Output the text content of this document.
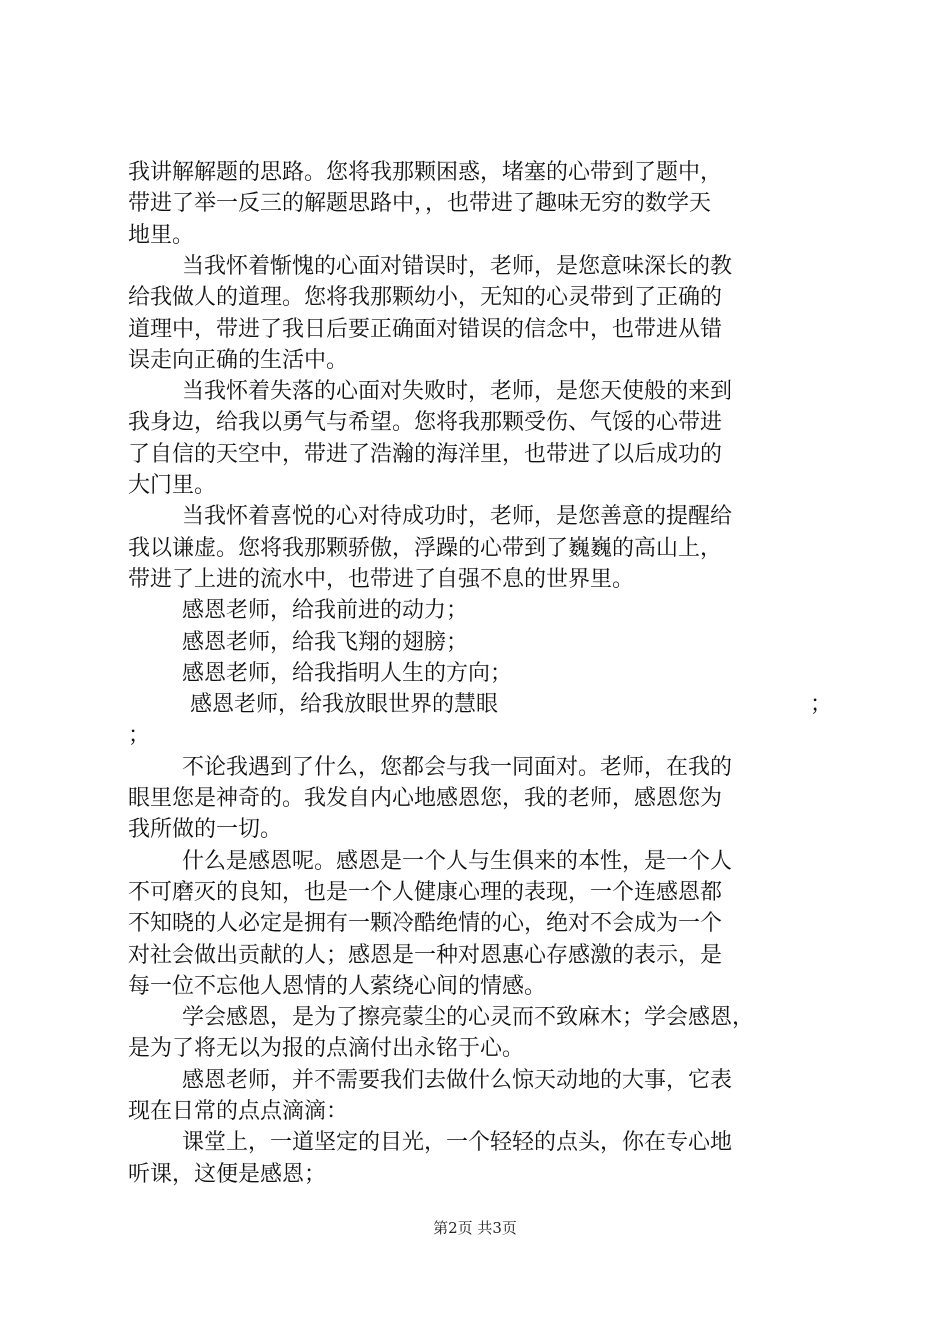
我讲解解题的思路。您将我那颗困惑，堵塞的心带到了题中，
带进了举一反三的解题思路中，，也带进了趣味无穷的数学天
地里。
当我怀着惭愧的心面对错误时，老师，是您意味深长的教
给我做人的道理。您将我那颗幼小，无知的心灵带到了正确的
道理中，带进了我日后要正确面对错误的信念中，也带进从错
误走向正确的生活中。
当我怀着失落的心面对失败时，老师，是您天使般的来到
我身边，给我以勇气与希望。您将我那颗受伤、气馁的心带进
了自信的天空中，带进了浩瀚的海洋里，也带进了以后成功的
大门里。
当我怀着喜悦的心对待成功时，老师，是您善意的提醒给
我以谦虚。您将我那颗骄傲，浮躁的心带到了巍巍的高山上，
带进了上进的流水中，也带进了自强不息的世界里。
感恩老师，给我前进的动力；
感恩老师，给我飞翔的翅膀；
感恩老师，给我指明人生的方向；

感恩老师，给我放眼世界的慧眼

	；

；
不论我遇到了什么，您都会与我一同面对。老师，在我的
眼里您是神奇的。我发自内心地感恩您，我的老师，感恩您为
我所做的一切。
什么是感恩呢。感恩是一个人与生俱来的本性，是一个人
不可磨灭的良知，也是一个人健康心理的表现，一个连感恩都
不知晓的人必定是拥有一颗冷酷绝情的心，绝对不会成为一个
对社会做出贡献的人；感恩是一种对恩惠心存感激的表示，是
每一位不忘他人恩情的人萦绕心间的情感。
学会感恩，是为了擦亮蒙尘的心灵而不致麻木；学会感恩，
是为了将无以为报的点滴付出永铭于心。
感恩老师，并不需要我们去做什么惊天动地的大事，它表
现在日常的点点滴滴：
课堂上，一道坚定的目光，一个轻轻的点头，你在专心地
听课，这便是感恩；
第2页 共3页
